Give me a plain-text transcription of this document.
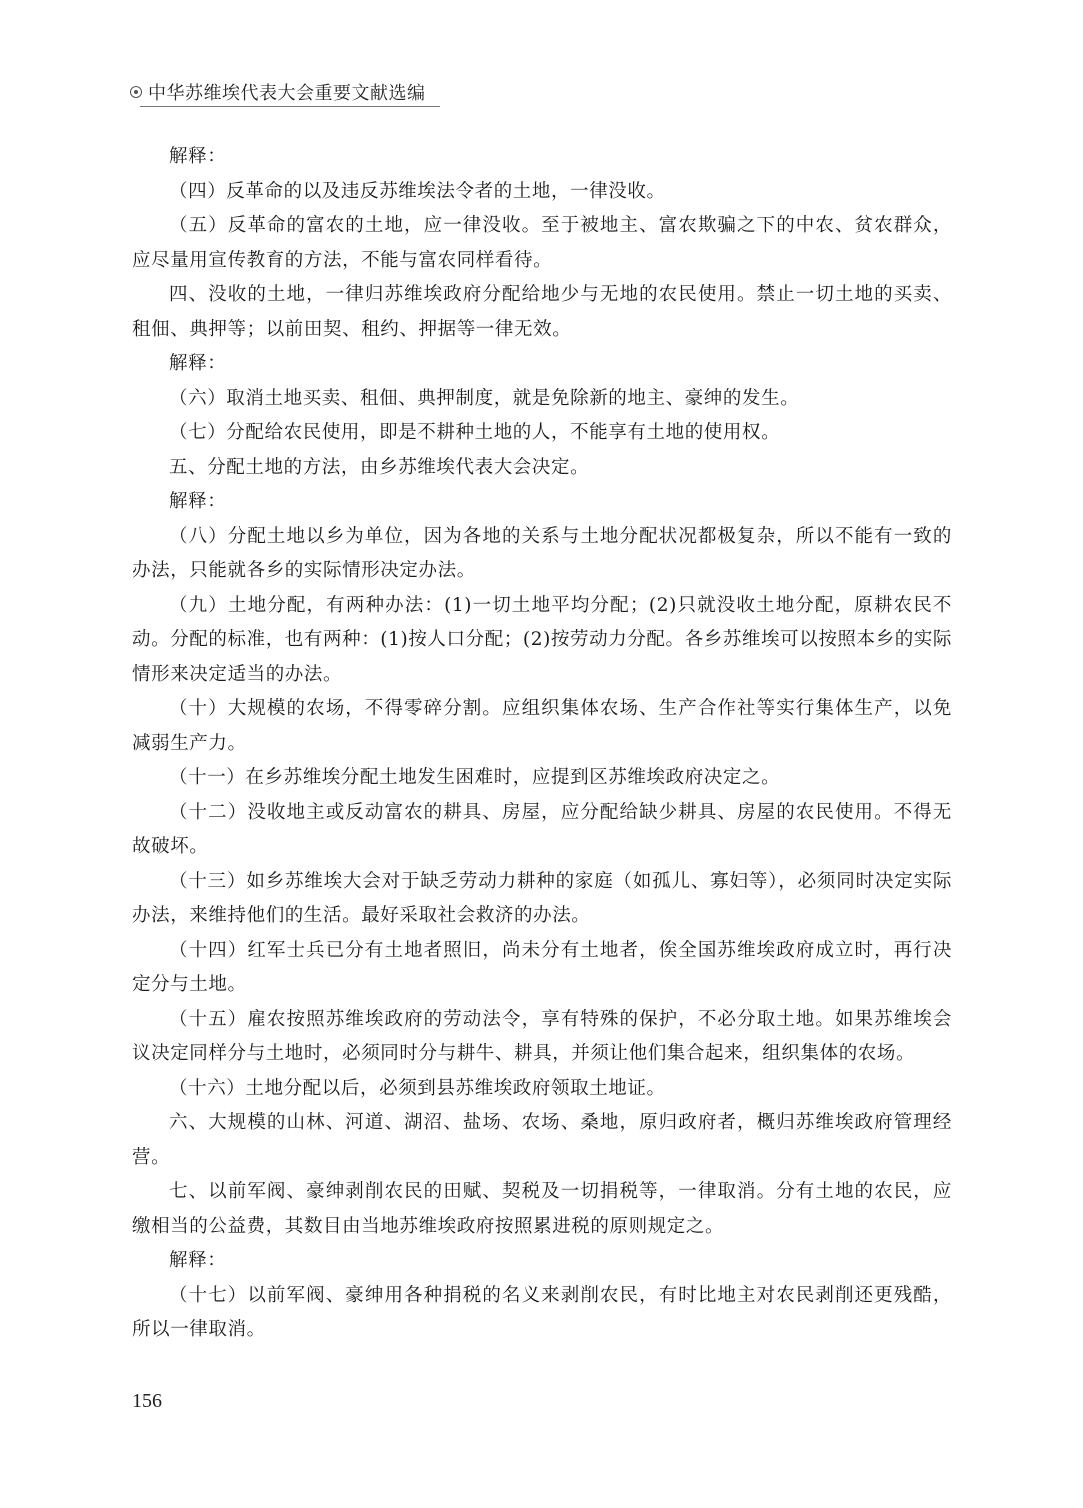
中华苏维埃代表大会重要文献选编

解释：

（四）反革命的以及违反苏维埃法令者的土地，一律没收。

（五）反革命的富农的土地，应一律没收。至于被地主、富农欺骗之下的中农、贫农群众，应尽量用宣传教育的方法，不能与富农同样看待。

四、没收的土地，一律归苏维埃政府分配给地少与无地的农民使用。禁止一切土地的买卖、租佃、典押等；以前田契、租约、押据等一律无效。

解释：

（六）取消土地买卖、租佃、典押制度，就是免除新的地主、豪绅的发生。

（七）分配给农民使用，即是不耕种土地的人，不能享有土地的使用权。

五、分配土地的方法，由乡苏维埃代表大会决定。

解释：

（八）分配土地以乡为单位，因为各地的关系与土地分配状况都极复杂，所以不能有一致的办法，只能就各乡的实际情形决定办法。

（九）土地分配，有两种办法：(1)一切土地平均分配；(2)只就没收土地分配，原耕农民不动。分配的标准，也有两种：(1)按人口分配；(2)按劳动力分配。各乡苏维埃可以按照本乡的实际情形来决定适当的办法。

（十）大规模的农场，不得零碎分割。应组织集体农场、生产合作社等实行集体生产，以免减弱生产力。

（十一）在乡苏维埃分配土地发生困难时，应提到区苏维埃政府决定之。

（十二）没收地主或反动富农的耕具、房屋，应分配给缺少耕具、房屋的农民使用。不得无故破坏。

（十三）如乡苏维埃大会对于缺乏劳动力耕种的家庭（如孤儿、寡妇等），必须同时决定实际办法，来维持他们的生活。最好采取社会救济的办法。

（十四）红军士兵已分有土地者照旧，尚未分有土地者，俟全国苏维埃政府成立时，再行决定分与土地。

（十五）雇农按照苏维埃政府的劳动法令，享有特殊的保护，不必分取土地。如果苏维埃会议决定同样分与土地时，必须同时分与耕牛、耕具，并须让他们集合起来，组织集体的农场。

（十六）土地分配以后，必须到县苏维埃政府领取土地证。

六、大规模的山林、河道、湖沼、盐场、农场、桑地，原归政府者，概归苏维埃政府管理经营。

七、以前军阀、豪绅剥削农民的田赋、契税及一切捐税等，一律取消。分有土地的农民，应缴相当的公益费，其数目由当地苏维埃政府按照累进税的原则规定之。

解释：

（十七）以前军阀、豪绅用各种捐税的名义来剥削农民，有时比地主对农民剥削还更残酷，所以一律取消。

156
